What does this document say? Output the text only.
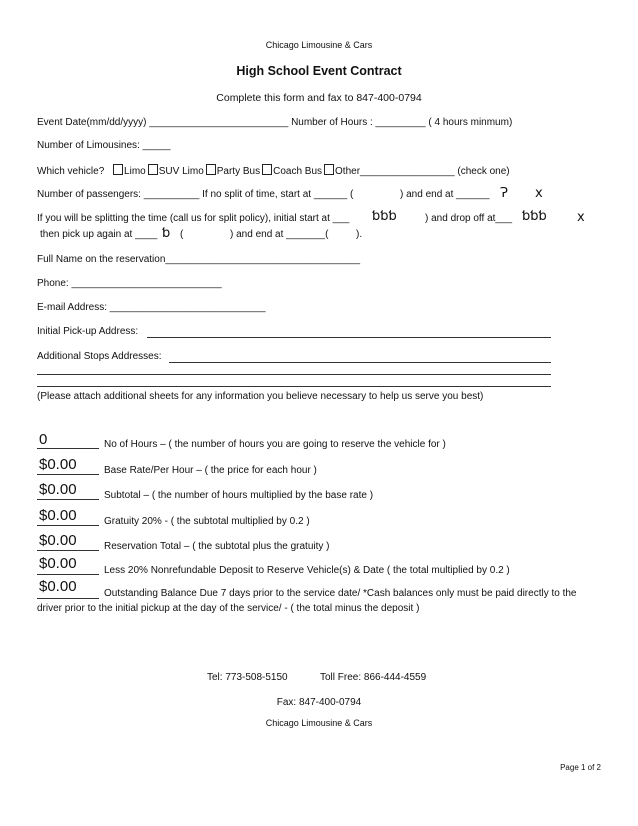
Chicago Limousine & Cars
High School Event Contract
Complete this form and fax to 847-400-0794
Event Date(mm/dd/yyyy) _________________________ Number of Hours : _________ ( 4 hours minmum)
Number of Limousines: _____
Which vehicle? Limo SUV Limo Party Bus Coach Bus Other_________________ (check one)
Number of passengers: __________ If no split of time, start at ______ (	) and end at ______ Ɂ x
If you will be splitting the time (call us for split policy), initial start at ___ ƅƅƅ	) and drop off at___ ƅƅƅ x
then pick up again at ____ ƅ (	) and end at _______(	).
Full Name on the reservation___________________________________
Phone: ___________________________
E-mail Address: ____________________________
Initial Pick-up Address:
Additional Stops Addresses:
(Please attach additional sheets for any information you believe necessary to help us serve you best)
0	No of Hours – ( the number of hours you are going to reserve the vehicle for )
$0.00	Base Rate/Per Hour – ( the price for each hour )
$0.00	Subtotal – ( the number of hours multiplied by the base rate )
$0.00	Gratuity 20% - ( the subtotal multiplied by 0.2 )
$0.00	Reservation Total – ( the subtotal plus the gratuity )
$0.00	Less 20% Nonrefundable Deposit to Reserve Vehicle(s) & Date ( the total multiplied by 0.2 )
$0.00	Outstanding Balance Due 7 days prior to the service date/ *Cash balances only must be paid directly to the
driver prior to the initial pickup at the day of the service/ - ( the total minus the deposit )
Tel: 773-508-5150	Toll Free: 866-444-4559
Fax: 847-400-0794
Chicago Limousine & Cars
Page 1 of 2
